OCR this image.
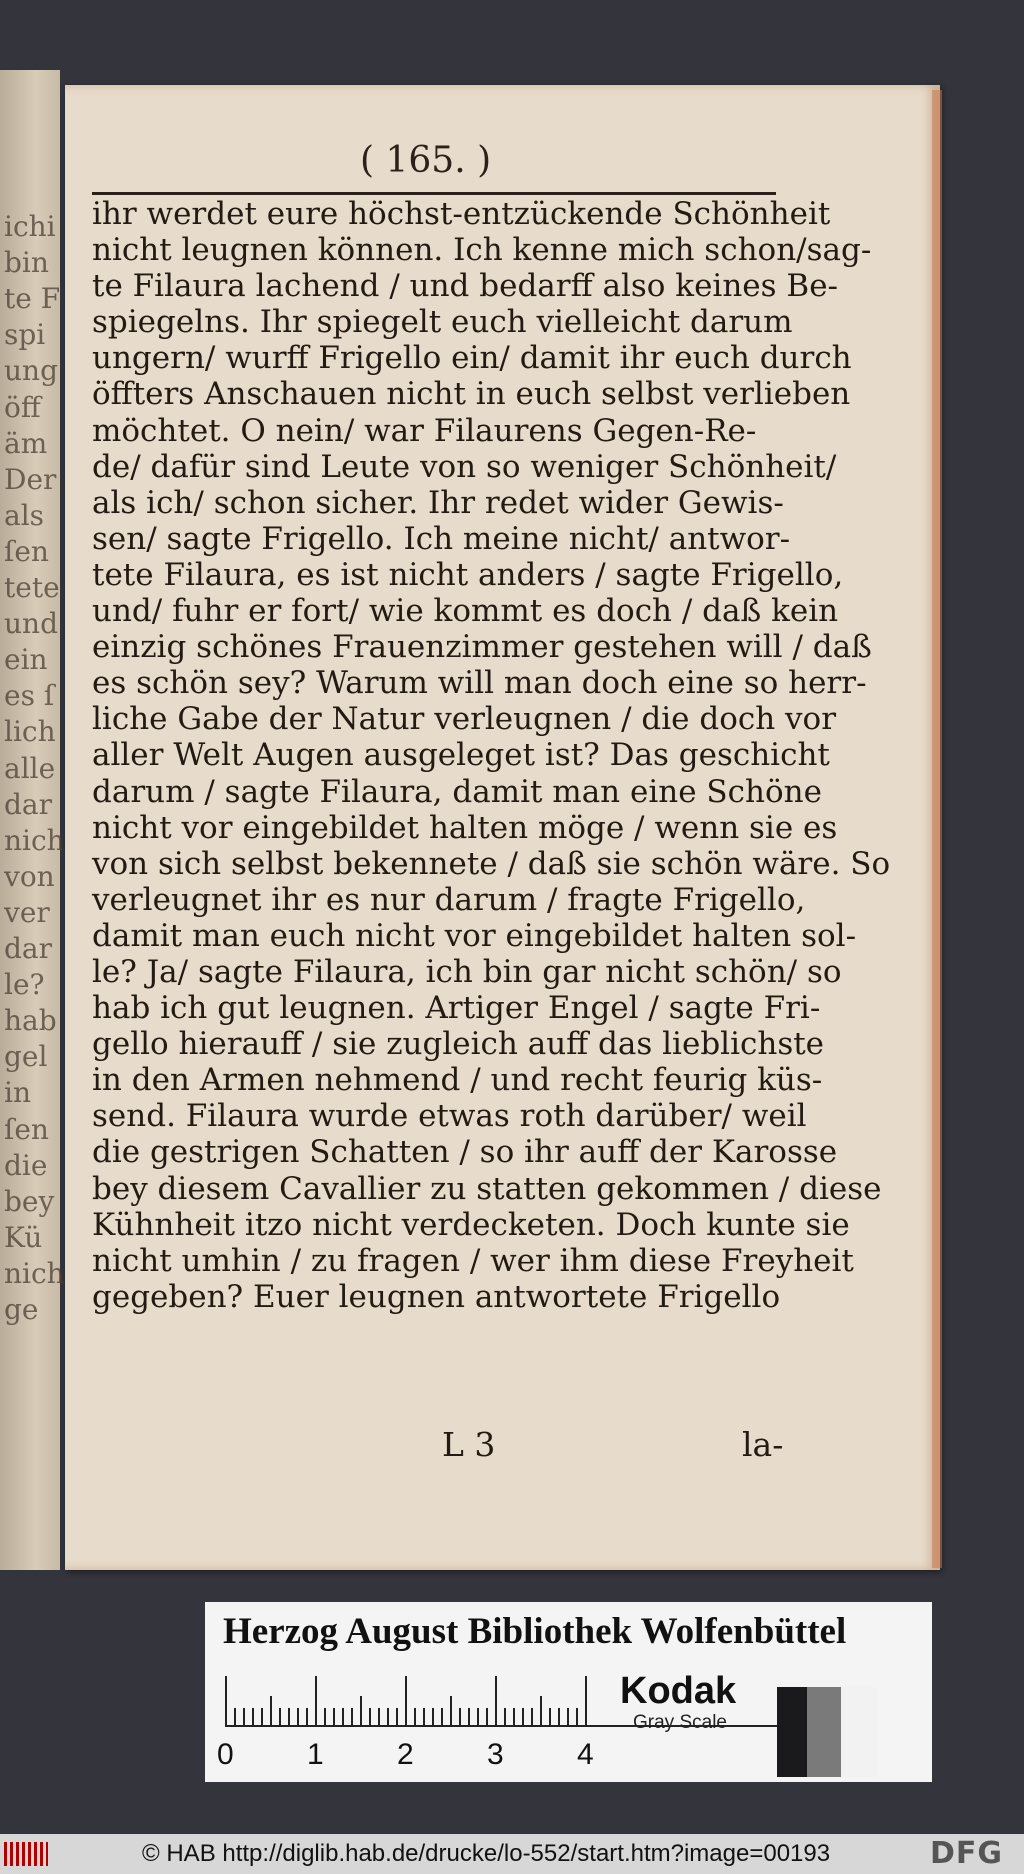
ichi
bin
te F
spi
ung
öff
äm
Der
als
ſen
tete
und
ein
es ſ
lich
alle
dar
nich
von
ver
dar
le?
hab
gel
in
ſen
die
bey
Kü
nich
ge
( 165. )
ihr werdet eure höchst-entzückende Schönheit
nicht leugnen können. Ich kenne mich schon/sag-
te Filaura lachend / und bedarff also keines Be-
spiegelns. Ihr spiegelt euch vielleicht darum
ungern/ wurff Frigello ein/ damit ihr euch durch
öffters Anschauen nicht in euch selbst verlieben
möchtet. O nein/ war Filaurens Gegen-Re-
de/ dafür sind Leute von so weniger Schönheit/
als ich/ schon sicher. Ihr redet wider Gewis-
sen/ sagte Frigello. Ich meine nicht/ antwor-
tete Filaura, es ist nicht anders / sagte Frigello,
und/ fuhr er fort/ wie kommt es doch / daß kein
einzig schönes Frauenzimmer gestehen will / daß
es schön sey? Warum will man doch eine so herr-
liche Gabe der Natur verleugnen / die doch vor
aller Welt Augen ausgeleget ist? Das geschicht
darum / sagte Filaura, damit man eine Schöne
nicht vor eingebildet halten möge / wenn sie es
von sich selbst bekennete / daß sie schön wäre. So
verleugnet ihr es nur darum / fragte Frigello,
damit man euch nicht vor eingebildet halten sol-
le? Ja/ sagte Filaura, ich bin gar nicht schön/ so
hab ich gut leugnen. Artiger Engel / sagte Fri-
gello hierauff / sie zugleich auff das lieblichste
in den Armen nehmend / und recht feurig küs-
send. Filaura wurde etwas roth darüber/ weil
die gestrigen Schatten / so ihr auff der Karosse
bey diesem Cavallier zu statten gekommen / diese
Kühnheit itzo nicht verdecketen. Doch kunte sie
nicht umhin / zu fragen / wer ihm diese Freyheit
gegeben? Euer leugnen antwortete Frigello
L 3	la-
Herzog August Bibliothek Wolfenbüttel
0 1 2 3 4
Kodak
Gray Scale
© HAB http://diglib.hab.de/drucke/lo-552/start.htm?image=00193	DFG
